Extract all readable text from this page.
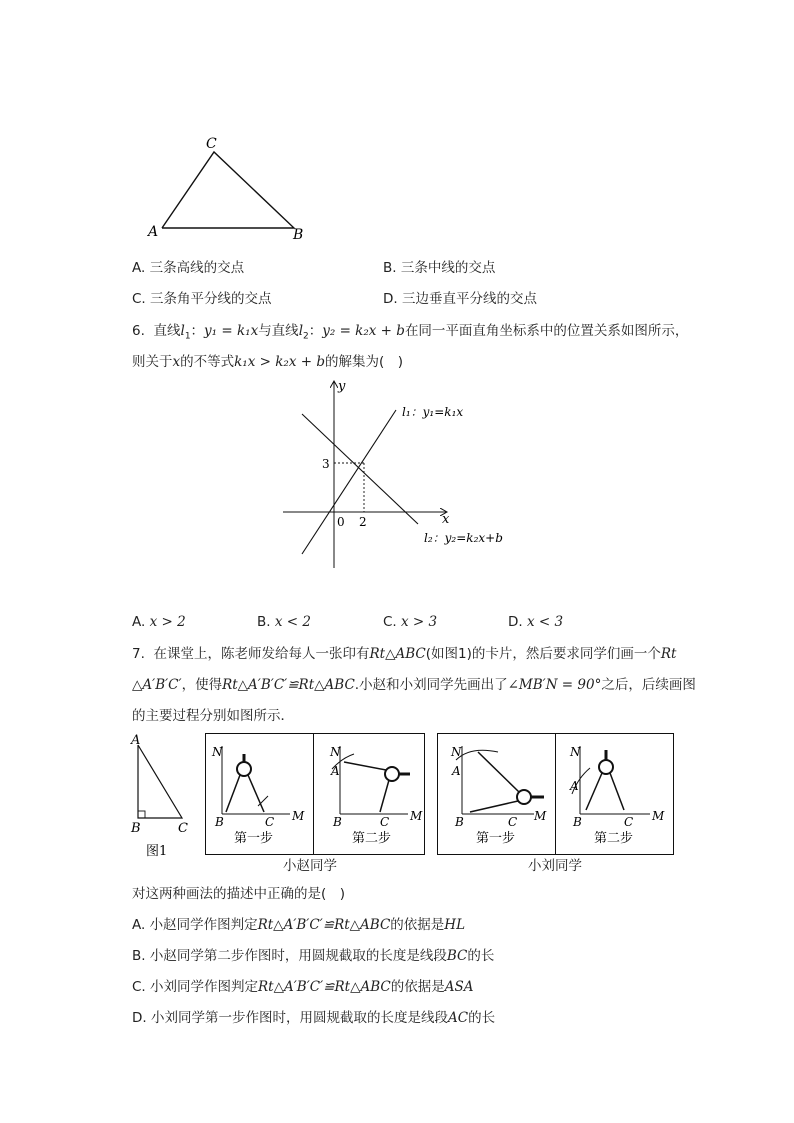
A	B
C
A. 三条高线的交点	B. 三条中线的交点
C. 三条角平分线的交点	D. 三边垂直平分线的交点
6. 直线$l_1$：y₁ = k₁x与直线$l_2$：y₂ = k₂x + b在同一平面直角坐标系中的位置关系如图所示，
则关于x的不等式k₁x > k₂x + b的解集为(　)
x
y
0 2
3
l₁：y₁=k₁x
l₂：y₂=k₂x+b
A. x > 2	B. x < 2	C. x > 3	D. x < 3
7. 在课堂上，陈老师发给每人一张印有Rt△ABC(如图1)的卡片，然后要求同学们画一个Rt
△A′B′C′，使得Rt△A′B′C′≌Rt△ABC.小赵和小刘同学先画出了∠MB′N = 90°之后，后续画图
的主要过程分别如图所示．
A
B	C
图1
N
B	C M
第一步
N
A
B	C M
第二步
小赵同学
N
A
B	C M
第一步
N
A
B	C M
第二步
小刘同学
对这两种画法的描述中正确的是(　)
A. 小赵同学作图判定Rt△A′B′C′≌Rt△ABC的依据是HL
B. 小赵同学第二步作图时，用圆规截取的长度是线段BC的长
C. 小刘同学作图判定Rt△A′B′C′≌Rt△ABC的依据是ASA
D. 小刘同学第一步作图时，用圆规截取的长度是线段AC的长
